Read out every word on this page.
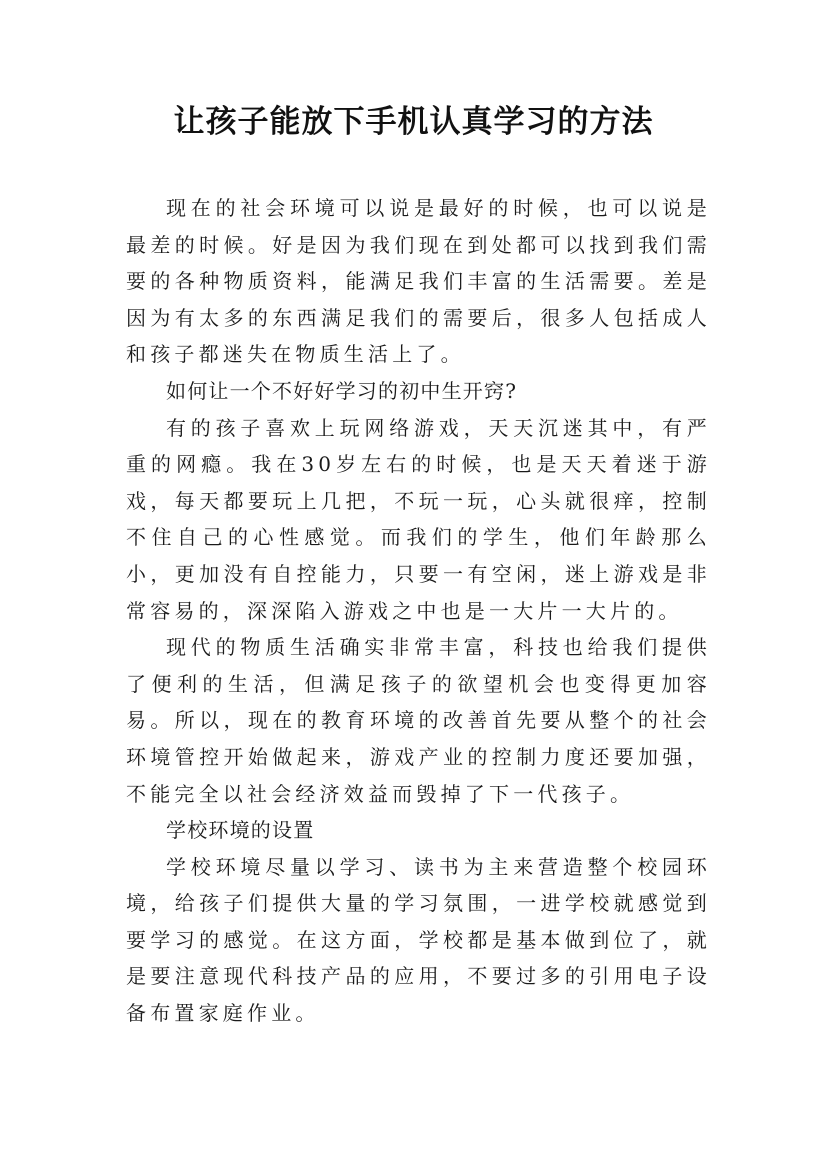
让孩子能放下手机认真学习的方法

现在的社会环境可以说是最好的时候，也可以说是最差的时候。好是因为我们现在到处都可以找到我们需要的各种物质资料，能满足我们丰富的生活需要。差是因为有太多的东西满足我们的需要后，很多人包括成人和孩子都迷失在物质生活上了。

如何让一个不好好学习的初中生开窍?

有的孩子喜欢上玩网络游戏，天天沉迷其中，有严重的网瘾。我在30岁左右的时候，也是天天着迷于游戏，每天都要玩上几把，不玩一玩，心头就很痒，控制不住自己的心性感觉。而我们的学生，他们年龄那么小，更加没有自控能力，只要一有空闲，迷上游戏是非常容易的，深深陷入游戏之中也是一大片一大片的。

现代的物质生活确实非常丰富，科技也给我们提供了便利的生活，但满足孩子的欲望机会也变得更加容易。所以，现在的教育环境的改善首先要从整个的社会环境管控开始做起来，游戏产业的控制力度还要加强，不能完全以社会经济效益而毁掉了下一代孩子。

学校环境的设置

学校环境尽量以学习、读书为主来营造整个校园环境，给孩子们提供大量的学习氛围，一进学校就感觉到要学习的感觉。在这方面，学校都是基本做到位了，就是要注意现代科技产品的应用，不要过多的引用电子设备布置家庭作业。
